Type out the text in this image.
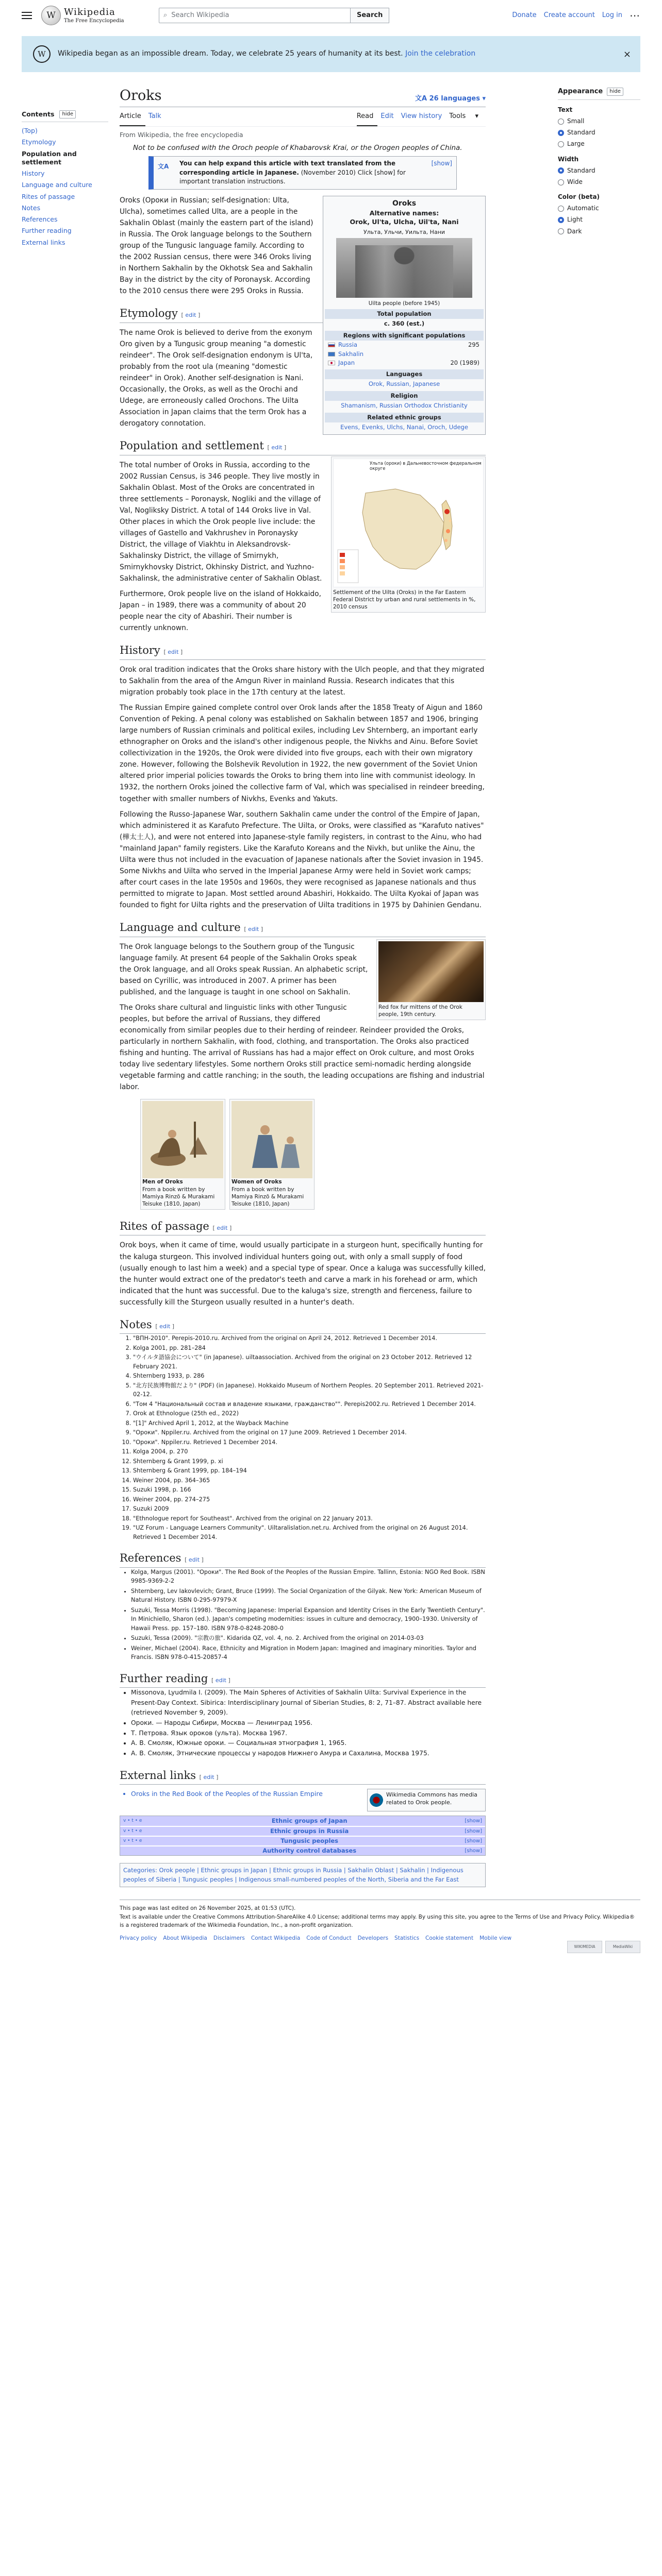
W Wikipedia
The Free Encyclopedia
⌕ Search Wikipedia	Search	Donate Create account Log in ⋯
W	Wikipedia began as an impossible dream. Today, we celebrate 25 years of humanity at its best. Join the celebration	×
Contents	hide
(Top)
Etymology
Population and settlement
History
Language and culture
Rites of passage
Notes
References
Further reading
External links
Oroks	文A 26 languages ▾
Article	Talk	Read	Edit	View history	Tools ▾
From Wikipedia, the free encyclopedia
Not to be confused with the Oroch people of Khabarovsk Krai, or the Orogen peoples of China.
文A	You can help expand this article with text translated from the corresponding article in Japanese. (November 2010) Click [show] for important translation instructions.
[show]
Oroks
Alternative names:
Orok, Ul'ta, Ulcha, Uil'ta, Nani
Ульта, Ульчи, Уильта, Нани
Uilta people (before 1945)
Total population
c. 360 (est.)
Regions with significant populations
Russia	295
Sakhalin
Japan	20 (1989)
Languages
Orok, Russian, Japanese
Religion
Shamanism, Russian Orthodox Christianity
Related ethnic groups
Evens, Evenks, Ulchs, Nanai, Oroch, Udege

Oroks (Ороки in Russian; self-designation: Ulta, Ulcha), sometimes called Ulta, are a people in the Sakhalin Oblast (mainly the eastern part of the island) in Russia. The Orok language belongs to the Southern group of the Tungusic language family. According to the 2002 Russian census, there were 346 Oroks living in Northern Sakhalin by the Okhotsk Sea and Sakhalin Bay in the district by the city of Poronaysk. According to the 2010 census there were 295 Oroks in Russia.

Etymology [ edit ]

The name Orok is believed to derive from the exonym Oro given by a Tungusic group meaning "a domestic reindeer". The Orok self-designation endonym is Ul'ta, probably from the root ula (meaning "domestic reindeer" in Orok). Another self-designation is Nani. Occasionally, the Oroks, as well as the Orochi and Udege, are erroneously called Orochons. The Uilta Association in Japan claims that the term Orok has a derogatory connotation.

Population and settlement [ edit ]
Ульта (ороки) в Дальневосточном федеральном округе
Settlement of the Uilta (Oroks) in the Far Eastern Federal District by urban and rural settlements in %, 2010 census

The total number of Oroks in Russia, according to the 2002 Russian Census, is 346 people. They live mostly in Sakhalin Oblast. Most of the Oroks are concentrated in three settlements – Poronaysk, Nogliki and the village of Val, Nogliksky District. A total of 144 Oroks live in Val. Other places in which the Orok people live include: the villages of Gastello and Vakhrushev in Poronaysky District, the village of Viakhtu in Aleksandrovsk-Sakhalinsky District, the village of Smirnykh, Smirnykhovsky District, Okhinsky District, and Yuzhno-Sakhalinsk, the administrative center of Sakhalin Oblast.

Furthermore, Orok people live on the island of Hokkaido, Japan – in 1989, there was a community of about 20 people near the city of Abashiri. Their number is currently unknown.

History [ edit ]

Orok oral tradition indicates that the Oroks share history with the Ulch people, and that they migrated to Sakhalin from the area of the Amgun River in mainland Russia. Research indicates that this migration probably took place in the 17th century at the latest.

The Russian Empire gained complete control over Orok lands after the 1858 Treaty of Aigun and 1860 Convention of Peking. A penal colony was established on Sakhalin between 1857 and 1906, bringing large numbers of Russian criminals and political exiles, including Lev Shternberg, an important early ethnographer on Oroks and the island's other indigenous people, the Nivkhs and Ainu. Before Soviet collectivization in the 1920s, the Orok were divided into five groups, each with their own migratory zone. However, following the Bolshevik Revolution in 1922, the new government of the Soviet Union altered prior imperial policies towards the Oroks to bring them into line with communist ideology. In 1932, the northern Oroks joined the collective farm of Val, which was specialised in reindeer breeding, together with smaller numbers of Nivkhs, Evenks and Yakuts.

Following the Russo-Japanese War, southern Sakhalin came under the control of the Empire of Japan, which administered it as Karafuto Prefecture. The Uilta, or Oroks, were classified as "Karafuto natives" (樺太土人), and were not entered into Japanese-style family registers, in contrast to the Ainu, who had "mainland Japan" family registers. Like the Karafuto Koreans and the Nivkh, but unlike the Ainu, the Uilta were thus not included in the evacuation of Japanese nationals after the Soviet invasion in 1945. Some Nivkhs and Uilta who served in the Imperial Japanese Army were held in Soviet work camps; after court cases in the late 1950s and 1960s, they were recognised as Japanese nationals and thus permitted to migrate to Japan. Most settled around Abashiri, Hokkaido. The Uilta Kyokai of Japan was founded to fight for Uilta rights and the preservation of Uilta traditions in 1975 by Dahinien Gendanu.

Language and culture [ edit ]
Red fox fur mittens of the Orok people, 19th century.

The Orok language belongs to the Southern group of the Tungusic language family. At present 64 people of the Sakhalin Oroks speak the Orok language, and all Oroks speak Russian. An alphabetic script, based on Cyrillic, was introduced in 2007. A primer has been published, and the language is taught in one school on Sakhalin.

The Oroks share cultural and linguistic links with other Tungusic peoples, but before the arrival of Russians, they differed economically from similar peoples due to their herding of reindeer. Reindeer provided the Oroks, particularly in northern Sakhalin, with food, clothing, and transportation. The Oroks also practiced fishing and hunting. The arrival of Russians has had a major effect on Orok culture, and most Oroks today live sedentary lifestyles. Some northern Oroks still practice semi-nomadic herding alongside vegetable farming and cattle ranching; in the south, the leading occupations are fishing and industrial labor.

Men of Oroks
From a book written by Mamiya Rinzō & Murakami Teisuke (1810, Japan)
Women of Oroks
From a book written by Mamiya Rinzō & Murakami Teisuke (1810, Japan)
Rites of passage [ edit ]

Orok boys, when it came of time, would usually participate in a sturgeon hunt, specifically hunting for the kaluga sturgeon. This involved individual hunters going out, with only a small supply of food (usually enough to last him a week) and a special type of spear. Once a kaluga was successfully killed, the hunter would extract one of the predator's teeth and carve a mark in his forehead or arm, which indicated that the hunt was successful. Due to the kaluga's size, strength and fierceness, failure to successfully kill the Sturgeon usually resulted in a hunter's death.

Notes [ edit ]
1. "ВПН-2010". Perepis-2010.ru. Archived from the original on April 24, 2012. Retrieved 1 December 2014.
2. Kolga 2001, pp. 281–284
3. "ウイルタ語協会について" (in Japanese). uiltaassociation. Archived from the original on 23 October 2012. Retrieved 12 February 2021.
4. Shternberg 1933, p. 286
5. "北方民族博物館だより" (PDF) (in Japanese). Hokkaido Museum of Northern Peoples. 20 September 2011. Retrieved 2021-02-12.
6. "Том 4 "Национальный состав и владение языками, гражданство"". Perepis2002.ru. Retrieved 1 December 2014.
7. Orok at Ethnologue (25th ed., 2022)
8. "[1]" Archived April 1, 2012, at the Wayback Machine
9. "Ороки". Nppiler.ru. Archived from the original on 17 June 2009. Retrieved 1 December 2014.
10. "Ороки". Nppiler.ru. Retrieved 1 December 2014.
11. Kolga 2004, p. 270
12. Shternberg & Grant 1999, p. xi
13. Shternberg & Grant 1999, pp. 184–194
14. Weiner 2004, pp. 364–365
15. Suzuki 1998, p. 166
16. Weiner 2004, pp. 274–275
17. Suzuki 2009
18. "Ethnologue report for Southeast". Archived from the original on 22 January 2013.
19. "UZ Forum - Language Learners Community". Uiltaralislation.net.ru. Archived from the original on 26 August 2014. Retrieved 1 December 2014.
References [ edit ]
• Kolga, Margus (2001). "Ороки". The Red Book of the Peoples of the Russian Empire. Tallinn, Estonia: NGO Red Book. ISBN 9985-9369-2-2
• Shternberg, Lev Iakovlevich; Grant, Bruce (1999). The Social Organization of the Gilyak. New York: American Museum of Natural History. ISBN 0-295-97979-X
• Suzuki, Tessa Morris (1998). "Becoming Japanese: Imperial Expansion and Identity Crises in the Early Twentieth Century". In Minichiello, Sharon (ed.). Japan's competing modernities: issues in culture and democracy, 1900–1930. University of Hawaii Press. pp. 157–180. ISBN 978-0-8248-2080-0
• Suzuki, Tessa (2009). "宗教の旅". Kidarida QZ, vol. 4, no. 2. Archived from the original on 2014-03-03
• Weiner, Michael (2004). Race, Ethnicity and Migration in Modern Japan: Imagined and imaginary minorities. Taylor and Francis. ISBN 978-0-415-20857-4
Further reading [ edit ]
• Missonova, Lyudmila I. (2009). The Main Spheres of Activities of Sakhalin Uilta: Survival Experience in the Present-Day Context. Sibirica: Interdisciplinary Journal of Siberian Studies, 8: 2, 71–87. Abstract available here (retrieved November 9, 2009).
• Ороки. — Народы Сибири, Москва — Ленинград 1956.
• Т. Петрова. Язык ороков (ульта). Москва 1967.
• А. В. Смоляк, Южные ороки. — Социальная этнография 1, 1965.
• А. В. Смоляк, Этнические процессы у народов Нижнего Амура и Сахалина, Москва 1975.
External links [ edit ]
• Oroks in the Red Book of the Peoples of the Russian Empire	Wikimedia Commons has media related to Orok people.
v • t • e	Ethnic groups of Japan	[show]
v • t • e	Ethnic groups in Russia	[show]
v • t • e	Tungusic peoples	[show]
Authority control databases	[show]
Categories: Orok people | Ethnic groups in Japan | Ethnic groups in Russia | Sakhalin Oblast | Sakhalin | Indigenous peoples of Siberia | Tungusic peoples | Indigenous small-numbered peoples of the North, Siberia and the Far East
Appearance	hide
Text
Small
Standard
Large
Width
Standard
Wide
Color (beta)
Automatic
Light
Dark
This page was last edited on 26 November 2025, at 01:53 (UTC).
Text is available under the Creative Commons Attribution-ShareAlike 4.0 License; additional terms may apply. By using this site, you agree to the Terms of Use and Privacy Policy. Wikipedia® is a registered trademark of the Wikimedia Foundation, Inc., a non-profit organization.
Privacy policy About Wikipedia Disclaimers Contact Wikipedia Code of Conduct Developers Statistics Cookie statement Mobile view
WIKIMEDIA	MediaWiki
